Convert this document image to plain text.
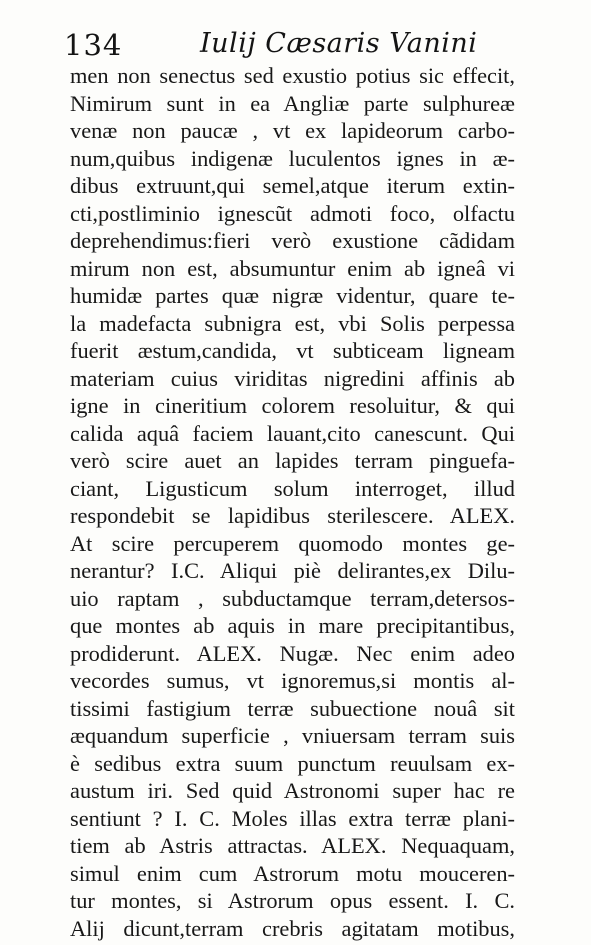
134	Iulij Cæsaris Vanini
men non senectus sed exustio potius sic effecit,
Nimirum sunt in ea Angliæ parte sulphureæ
venæ non paucæ , vt ex lapideorum carbo-
num,quibus indigenæ luculentos ignes in æ-
dibus extruunt,qui semel,atque iterum extin-
cti,postliminio ignescũt admoti foco, olfactu
deprehendimus:fieri verò exustione cãdidam
mirum non est, absumuntur enim ab igneâ vi
humidæ partes quæ nigræ videntur, quare te-
la madefacta subnigra est, vbi Solis perpessa
fuerit æstum,candida, vt subticeam ligneam
materiam cuius viriditas nigredini affinis ab
igne in cineritium colorem resoluitur, & qui
calida aquâ faciem lauant,cito canescunt. Qui
verò scire auet an lapides terram pinguefa-
ciant, Ligusticum solum interroget, illud
respondebit se lapidibus sterilescere. ALEX.
At scire percuperem quomodo montes ge-
nerantur? I.C. Aliqui piè delirantes,ex Dilu-
uio raptam , subductamque terram,detersos-
que montes ab aquis in mare precipitantibus,
prodiderunt. ALEX. Nugæ. Nec enim adeo
vecordes sumus, vt ignoremus,si montis al-
tissimi fastigium terræ subuectione nouâ sit
æquandum superficie , vniuersam terram suis
è sedibus extra suum punctum reuulsam ex-
austum iri. Sed quid Astronomi super hac re
sentiunt ? I. C. Moles illas extra terræ plani-
tiem ab Astris attractas. ALEX. Nequaquam,
simul enim cum Astrorum motu mouceren-
tur montes, si Astrorum opus essent. I. C.
Alij dicunt,terram crebris agitatam motibus,
